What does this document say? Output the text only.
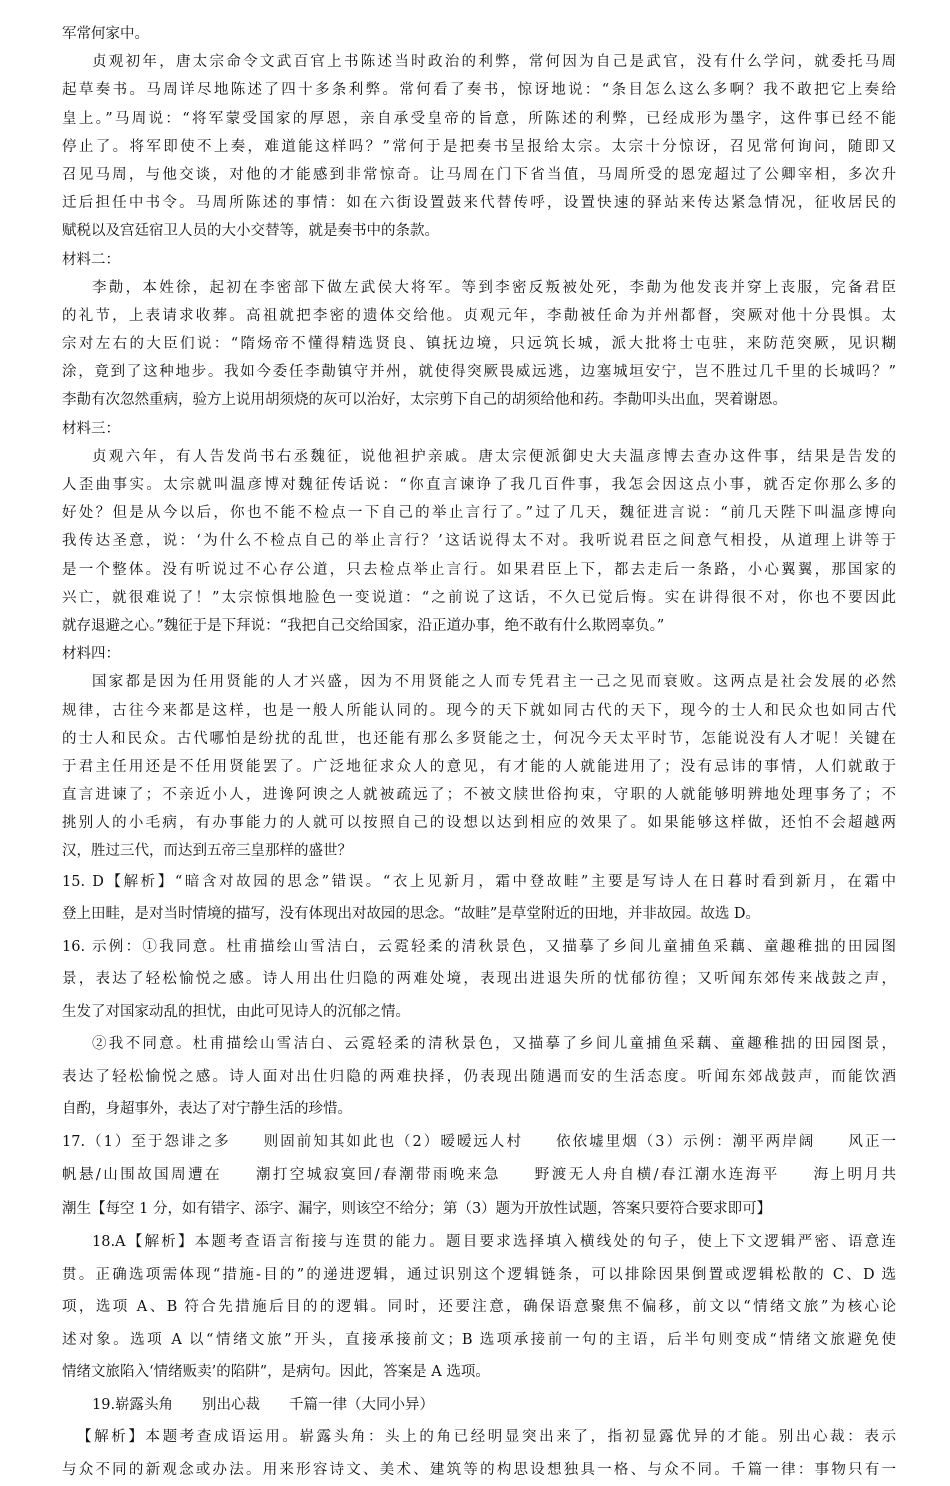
军常何家中。
贞观初年，唐太宗命令文武百官上书陈述当时政治的利弊，常何因为自己是武官，没有什么学问，就委托马周
起草奏书。马周详尽地陈述了四十多条利弊。常何看了奏书，惊讶地说：“条目怎么这么多啊？我不敢把它上奏给
皇上。”马周说：“将军蒙受国家的厚恩，亲自承受皇帝的旨意，所陈述的利弊，已经成形为墨字，这件事已经不能
停止了。将军即使不上奏，难道能这样吗？”常何于是把奏书呈报给太宗。太宗十分惊讶，召见常何询问，随即又
召见马周，与他交谈，对他的才能感到非常惊奇。让马周在门下省当值，马周所受的恩宠超过了公卿宰相，多次升
迁后担任中书令。马周所陈述的事情：如在六街设置鼓来代替传呼，设置快速的驿站来传达紧急情况，征收居民的
赋税以及宫廷宿卫人员的大小交替等，就是奏书中的条款。
材料二：
李勣，本姓徐，起初在李密部下做左武侯大将军。等到李密反叛被处死，李勣为他发丧并穿上丧服，完备君臣
的礼节，上表请求收葬。高祖就把李密的遗体交给他。贞观元年，李勣被任命为并州都督，突厥对他十分畏惧。太
宗对左右的大臣们说：“隋炀帝不懂得精选贤良、镇抚边境，只远筑长城，派大批将士屯驻，来防范突厥，见识糊
涂，竟到了这种地步。我如今委任李勣镇守并州，就使得突厥畏威远逃，边塞城垣安宁，岂不胜过几千里的长城吗？”
李勣有次忽然重病，验方上说用胡须烧的灰可以治好，太宗剪下自己的胡须给他和药。李勣叩头出血，哭着谢恩。
材料三：
贞观六年，有人告发尚书右丞魏征，说他袒护亲戚。唐太宗便派御史大夫温彦博去查办这件事，结果是告发的
人歪曲事实。太宗就叫温彦博对魏征传话说：“你直言谏诤了我几百件事，我怎会因这点小事，就否定你那么多的
好处？但是从今以后，你也不能不检点一下自己的举止言行了。”过了几天，魏征进言说：“前几天陛下叫温彦博向
我传达圣意，说：‘为什么不检点自己的举止言行？’这话说得太不对。我听说君臣之间意气相投，从道理上讲等于
是一个整体。没有听说过不心存公道，只去检点举止言行。如果君臣上下，都去走后一条路，小心翼翼，那国家的
兴亡，就很难说了！”太宗惊惧地脸色一变说道：“之前说了这话，不久已觉后悔。实在讲得很不对，你也不要因此
就存退避之心。”魏征于是下拜说：“我把自己交给国家，沿正道办事，绝不敢有什么欺罔辜负。”
材料四：
国家都是因为任用贤能的人才兴盛，因为不用贤能之人而专凭君主一己之见而衰败。这两点是社会发展的必然
规律，古往今来都是这样，也是一般人所能认同的。现今的天下就如同古代的天下，现今的士人和民众也如同古代
的士人和民众。古代哪怕是纷扰的乱世，也还能有那么多贤能之士，何况今天太平时节，怎能说没有人才呢！关键在
于君主任用还是不任用贤能罢了。广泛地征求众人的意见，有才能的人就能进用了；没有忌讳的事情，人们就敢于
直言进谏了；不亲近小人，进谗阿谀之人就被疏远了；不被文牍世俗拘束，守职的人就能够明辨地处理事务了；不
挑别人的小毛病，有办事能力的人就可以按照自己的设想以达到相应的效果了。如果能够这样做，还怕不会超越两
汉，胜过三代，而达到五帝三皇那样的盛世？
15. D【解析】“暗含对故园的思念”错误。“衣上见新月，霜中登故畦”主要是写诗人在日暮时看到新月，在霜中
登上田畦，是对当时情境的描写，没有体现出对故园的思念。“故畦”是草堂附近的田地，并非故园。故选 D。
16. 示例：①我同意。杜甫描绘山雪洁白，云霓轻柔的清秋景色，又描摹了乡间儿童捕鱼采藕、童趣稚拙的田园图
景，表达了轻松愉悦之感。诗人用出仕归隐的两难处境，表现出进退失所的忧郁彷徨；又听闻东郊传来战鼓之声，
生发了对国家动乱的担忧，由此可见诗人的沉郁之情。
②我不同意。杜甫描绘山雪洁白、云霓轻柔的清秋景色，又描摹了乡间儿童捕鱼采藕、童趣稚拙的田园图景，
表达了轻松愉悦之感。诗人面对出仕归隐的两难抉择，仍表现出随遇而安的生活态度。听闻东郊战鼓声，而能饮酒
自酌，身超事外，表达了对宁静生活的珍惜。
17.（1）至于怨诽之多　　则固前知其如此也（2）暧暧远人村　　依依墟里烟（3）示例：潮平两岸阔　　风正一
帆悬/山围故国周遭在　　潮打空城寂寞回/春潮带雨晚来急　　野渡无人舟自横/春江潮水连海平　　海上明月共
潮生【每空 1 分，如有错字、添字、漏字，则该空不给分；第（3）题为开放性试题，答案只要符合要求即可】
18.A【解析】本题考查语言衔接与连贯的能力。题目要求选择填入横线处的句子，使上下文逻辑严密、语意连
贯。正确选项需体现“措施-目的”的递进逻辑，通过识别这个逻辑链条，可以排除因果倒置或逻辑松散的 C、D 选
项，选项 A、B 符合先措施后目的的逻辑。同时，还要注意，确保语意聚焦不偏移，前文以“情绪文旅”为核心论
述对象。选项 A 以“情绪文旅”开头，直接承接前文；B 选项承接前一句的主语，后半句则变成“情绪文旅避免使
情绪文旅陷入‘情绪贩卖’的陷阱”，是病句。因此，答案是 A 选项。
19.崭露头角　　别出心裁　　千篇一律（大同小异）
【解析】本题考查成语运用。崭露头角：头上的角已经明显突出来了，指初显露优异的才能。别出心裁：表示
与众不同的新观念或办法。用来形容诗文、美术、建筑等的构思设想独具一格、与众不同。千篇一律：事物只有一
